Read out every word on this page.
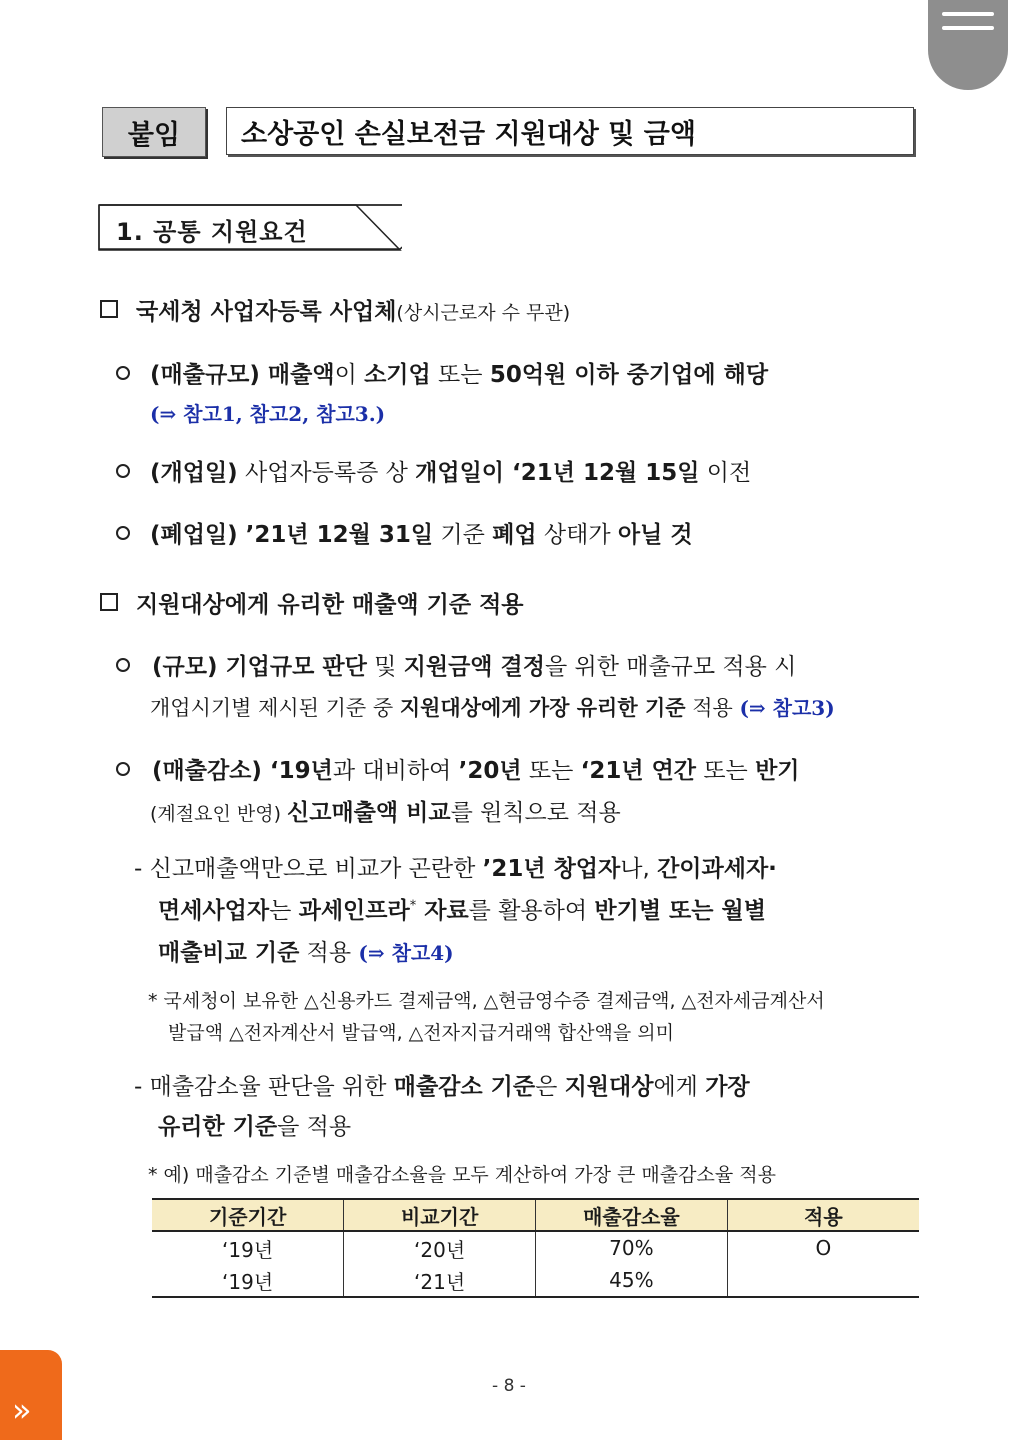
붙임	소상공인 손실보전금 지원대상 및 금액
1. 공통 지원요건
국세청 사업자등록 사업체(상시근로자 수 무관)
(매출규모) 매출액이 소기업 또는 50억원 이하 중기업에 해당
(⇒ 참고1, 참고2, 참고3.)
(개업일) 사업자등록증 상 개업일이 ‘21년 12월 15일 이전
(폐업일) ’21년 12월 31일 기준 폐업 상태가 아닐 것
지원대상에게 유리한 매출액 기준 적용
(규모) 기업규모 판단 및 지원금액 결정을 위한 매출규모 적용 시
개업시기별 제시된 기준 중 지원대상에게 가장 유리한 기준 적용 (⇒ 참고3)
(매출감소) ‘19년과 대비하여 ’20년 또는 ‘21년 연간 또는 반기
(계절요인 반영) 신고매출액 비교를 원칙으로 적용
- 신고매출액만으로 비교가 곤란한 ’21년 창업자나, 간이과세자·
면세사업자는 과세인프라* 자료를 활용하여 반기별 또는 월별
매출비교 기준 적용 (⇒ 참고4)
* 국세청이 보유한 △신용카드 결제금액, △현금영수증 결제금액, △전자세금계산서
발급액 △전자계산서 발급액, △전자지급거래액 합산액을 의미
- 매출감소율 판단을 위한 매출감소 기준은 지원대상에게 가장
유리한 기준을 적용
* 예) 매출감소 기준별 매출감소율을 모두 계산하여 가장 큰 매출감소율 적용
기준기간	비교기간	매출감소율	적용
‘19년	‘20년	70%	O
‘19년	‘21년	45%	
- 8 -
»
